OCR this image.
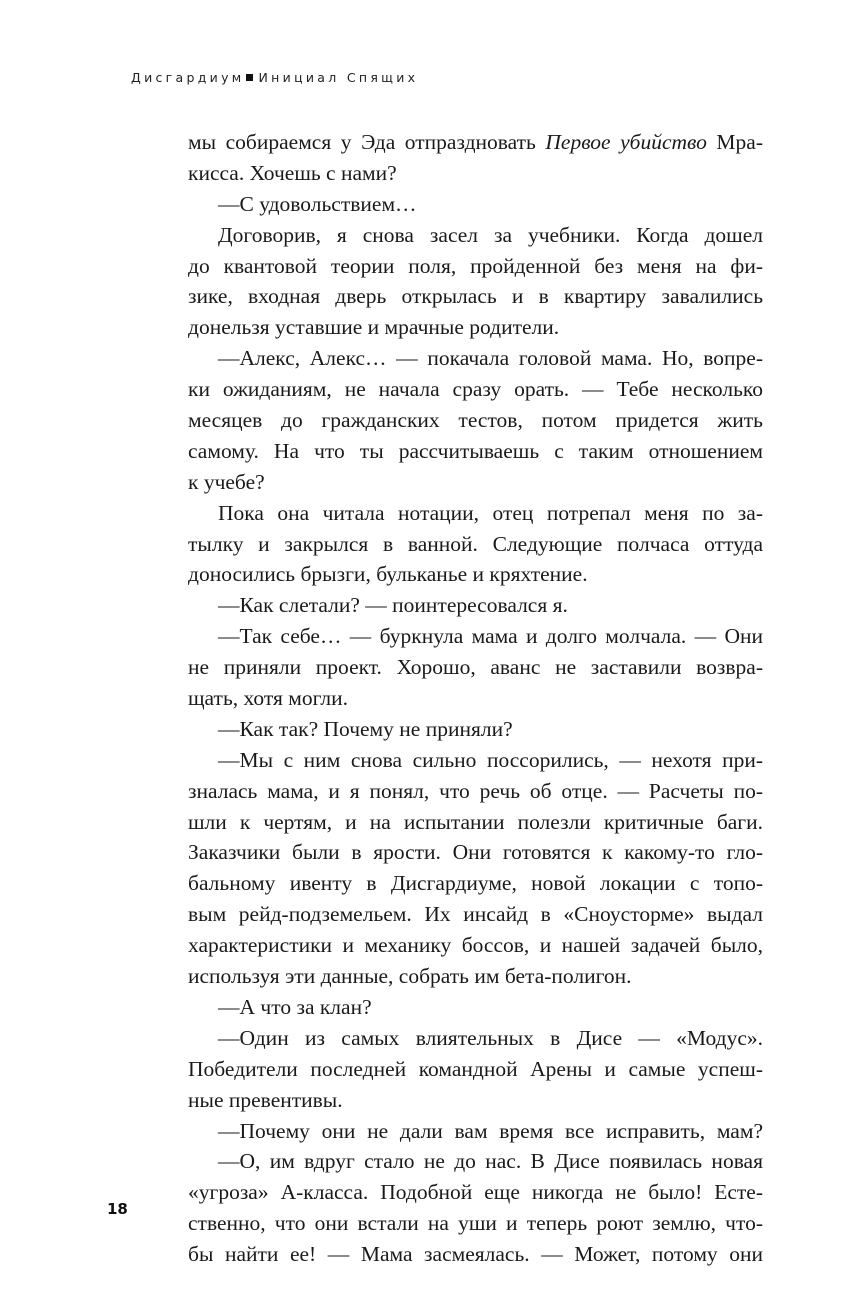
Дисгардиум Инициал Спящих
мы собираемся у Эда отпраздновать Первое убийство Мра-
кисса. Хочешь с нами?
—С удовольствием…
Договорив, я снова засел за учебники. Когда дошел
до квантовой теории поля, пройденной без меня на фи-
зике, входная дверь открылась и в квартиру завалились
донельзя уставшие и мрачные родители.
—Алекс, Алекс… — покачала головой мама. Но, вопре-
ки ожиданиям, не начала сразу орать. — Тебе несколько
месяцев до гражданских тестов, потом придется жить
самому. На что ты рассчитываешь с таким отношением
к учебе?
Пока она читала нотации, отец потрепал меня по за-
тылку и закрылся в ванной. Следующие полчаса оттуда
доносились брызги, бульканье и кряхтение.
—Как слетали? — поинтересовался я.
—Так себе… — буркнула мама и долго молчала. — Они
не приняли проект. Хорошо, аванс не заставили возвра-
щать, хотя могли.
—Как так? Почему не приняли?
—Мы с ним снова сильно поссорились, — нехотя при-
зналась мама, и я понял, что речь об отце. — Расчеты по-
шли к чертям, и на испытании полезли критичные баги.
Заказчики были в ярости. Они готовятся к какому-то гло-
бальному ивенту в Дисгардиуме, новой локации с топо-
вым рейд-подземельем. Их инсайд в «Сноусторме» выдал
характеристики и механику боссов, и нашей задачей было,
используя эти данные, собрать им бета-полигон.
—А что за клан?
—Один из самых влиятельных в Дисе — «Модус».
Победители последней командной Арены и самые успеш-
ные превентивы.
—Почему они не дали вам время все исправить, мам?
—О, им вдруг стало не до нас. В Дисе появилась новая
«угроза» A-класса. Подобной еще никогда не было! Есте-
ственно, что они встали на уши и теперь роют землю, что-
бы найти ее! — Мама засмеялась. — Может, потому они
18
